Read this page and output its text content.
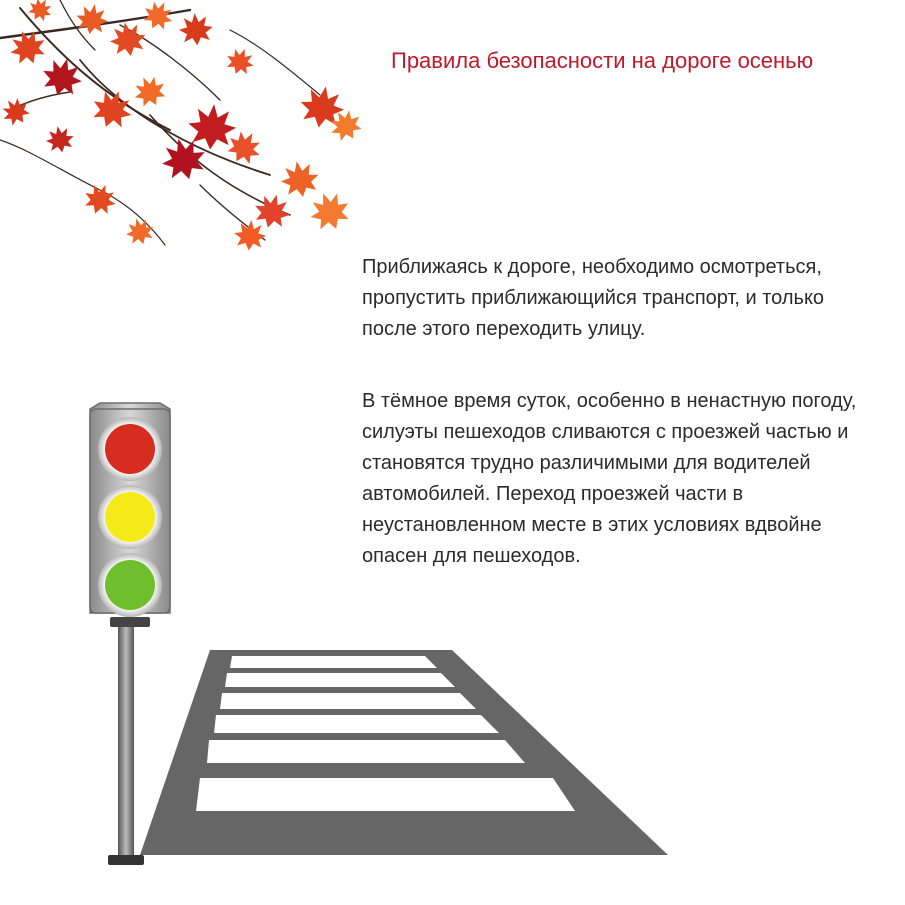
Правила безопасности на дороге осенью

Приближаясь к дороге, необходимо осмотреться, пропустить приближающийся транспорт, и только после этого переходить улицу.

В тёмное время суток, особенно в ненастную погоду, силуэты пешеходов сливаются с проезжей частью и становятся трудно различимыми для водителей автомобилей. Переход проезжей части в неустановленном месте в этих условиях вдвойне опасен для пешеходов.
